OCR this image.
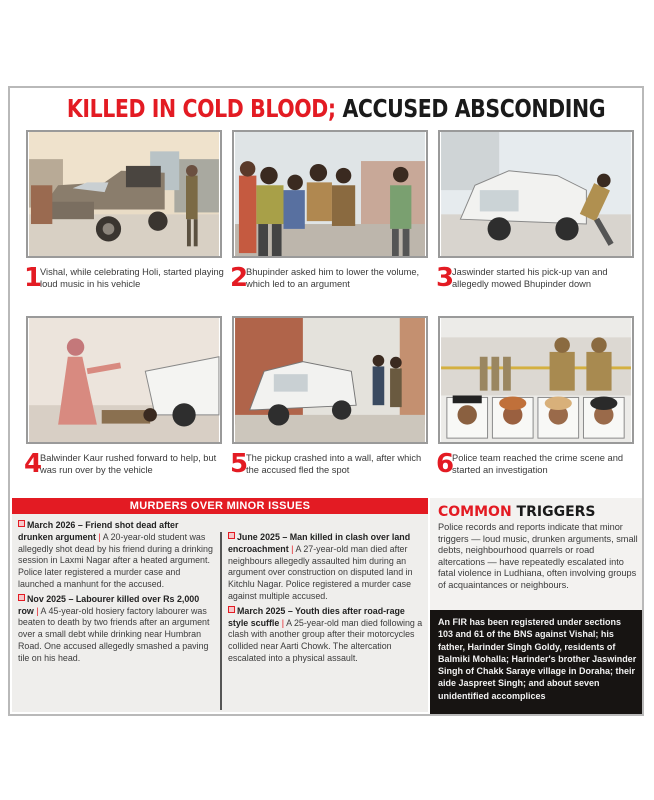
KILLED IN COLD BLOOD; ACCUSED ABSCONDING
1
Vishal, while celebrating Holi, started playing loud music in his vehicle	2
Bhupinder asked him to lower the volume, which led to an argument	3
Jaswinder started his pick-up van and allegedly mowed Bhupinder down
4
Balwinder Kaur rushed forward to help, but was run over by the vehicle	5
The pickup crashed into a wall, after which the accused fled the spot	6
Police team reached the crime scene and started an investigation
MURDERS OVER MINOR ISSUES
March 2026 – Friend shot dead after drunken argument | A 20-year-old student was allegedly shot dead by his friend during a drinking session in Laxmi Nagar after a heated argument. Police later registered a murder case and launched a manhunt for the accused.
Nov 2025 – Labourer killed over Rs 2,000 row | A 45-year-old hosiery factory labourer was beaten to death by two friends after an argument over a small debt while drinking near Humbran Road. One accused allegedly smashed a paving tile on his head.
June 2025 – Man killed in clash over land encroachment | A 27-year-old man died after neighbours allegedly assaulted him during an argument over construction on disputed land in Kitchlu Nagar. Police registered a murder case against multiple accused.
March 2025 – Youth dies after road-rage style scuffle | A 25-year-old man died following a clash with another group after their motorcycles collided near Aarti Chowk. The altercation escalated into a physical assault.
COMMON TRIGGERS
Police records and reports indicate that minor triggers — loud music, drunken arguments, small debts, neighbourhood quarrels or road altercations — have repeatedly escalated into fatal violence in Ludhiana, often involving groups of acquaintances or neighbours.
An FIR has been registered under sections 103 and 61 of the BNS against Vishal; his father, Harinder Singh Goldy, residents of Balmiki Mohalla; Harinder's brother Jaswinder Singh of Chakk Saraye village in Doraha; their aide Jaspreet Singh; and about seven unidentified accomplices
